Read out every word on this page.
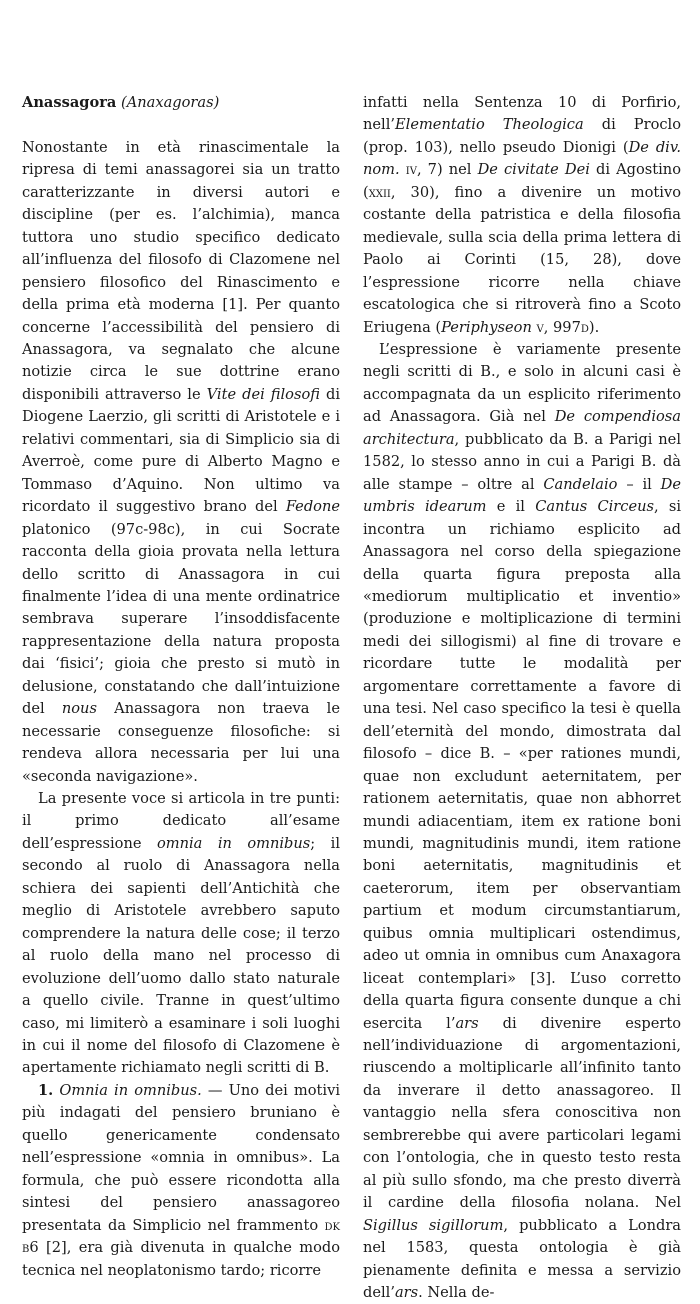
Anassagora (Anaxagoras)

Nonostante in età rinascimentale la ripresa di temi anassagorei sia un tratto caratterizzante in diversi autori e discipline (per es. l’alchimia), manca tuttora uno studio specifico dedicato all’influenza del filosofo di Clazomene nel pensiero filosofico del Rinascimento e della prima età moderna [1]. Per quanto concerne l’accessibilità del pensiero di Anassagora, va segnalato che alcune notizie circa le sue dottrine erano disponibili attraverso le Vite dei filosofi di Diogene Laerzio, gli scritti di Aristotele e i relativi commentari, sia di Simplicio sia di Averroè, come pure di Alberto Magno e Tommaso d’Aquino. Non ultimo va ricordato il suggestivo brano del Fedone platonico (97c-98c), in cui Socrate racconta della gioia provata nella lettura dello scritto di Anassagora in cui finalmente l’idea di una mente ordinatrice sembrava superare l’insoddisfacente rappresentazione della natura proposta dai ‘fisici’; gioia che presto si mutò in delusione, constatando che dall’intuizione del nous Anassagora non traeva le necessarie conseguenze filosofiche: si rendeva allora necessaria per lui una «seconda navigazione».

La presente voce si articola in tre punti: il primo dedicato all’esame dell’espressione omnia in omnibus; il secondo al ruolo di Anassagora nella schiera dei sapienti dell’Antichità che meglio di Aristotele avrebbero saputo comprendere la natura delle cose; il terzo al ruolo della mano nel processo di evoluzione dell’uomo dallo stato naturale a quello civile. Tranne in quest’ultimo caso, mi limiterò a esaminare i soli luoghi in cui il nome del filosofo di Clazomene è apertamente richiamato negli scritti di B.

1. Omnia in omnibus. — Uno dei motivi più indagati del pensiero bruniano è quello genericamente condensato nell’espressione «omnia in omnibus». La formula, che può essere ricondotta alla sintesi del pensiero anassagoreo presentata da Simplicio nel frammento dk b6 [2], era già divenuta in qualche modo tecnica nel neoplatonismo tardo; ricorre

infatti nella Sentenza 10 di Porfirio, nell’Elementatio Theologica di Proclo (prop. 103), nello pseudo Dionigi (De div. nom. iv, 7) nel De civitate Dei di Agostino (xxii, 30), fino a divenire un motivo costante della patristica e della filosofia medievale, sulla scia della prima lettera di Paolo ai Corinti (15, 28), dove l’espressione ricorre nella chiave escatologica che si ritroverà fino a Scoto Eriugena (Periphyseon v, 997d).

L’espressione è variamente presente negli scritti di B., e solo in alcuni casi è accompagnata da un esplicito riferimento ad Anassagora. Già nel De compendiosa architectura, pubblicato da B. a Parigi nel 1582, lo stesso anno in cui a Parigi B. dà alle stampe – oltre al Candelaio – il De umbris idearum e il Cantus Circeus, si incontra un richiamo esplicito ad Anassagora nel corso della spiegazione della quarta figura preposta alla «mediorum multiplicatio et inventio» (produzione e moltiplicazione di termini medi dei sillogismi) al fine di trovare e ricordare tutte le modalità per argomentare correttamente a favore di una tesi. Nel caso specifico la tesi è quella dell’eternità del mondo, dimostrata dal filosofo – dice B. – «per rationes mundi, quae non excludunt aeternitatem, per rationem aeternitatis, quae non abhorret mundi adiacentiam, item ex ratione boni mundi, magnitudinis mundi, item ratione boni aeternitatis, magnitudinis et caeterorum, item per observantiam partium et modum circumstantiarum, quibus omnia multiplicari ostendimus, adeo ut omnia in omnibus cum Anaxagora liceat contemplari» [3]. L’uso corretto della quarta figura consente dunque a chi esercita l’ars di divenire esperto nell’individuazione di argomentazioni, riuscendo a moltiplicarle all’infinito tanto da inverare il detto anassagoreo. Il vantaggio nella sfera conoscitiva non sembrerebbe qui avere particolari legami con l’ontologia, che in questo testo resta al più sullo sfondo, ma che presto diverrà il cardine della filosofia nolana. Nel Sigillus sigillorum, pubblicato a Londra nel 1583, questa ontologia è già pienamente definita e messa a servizio dell’ars. Nella de-
